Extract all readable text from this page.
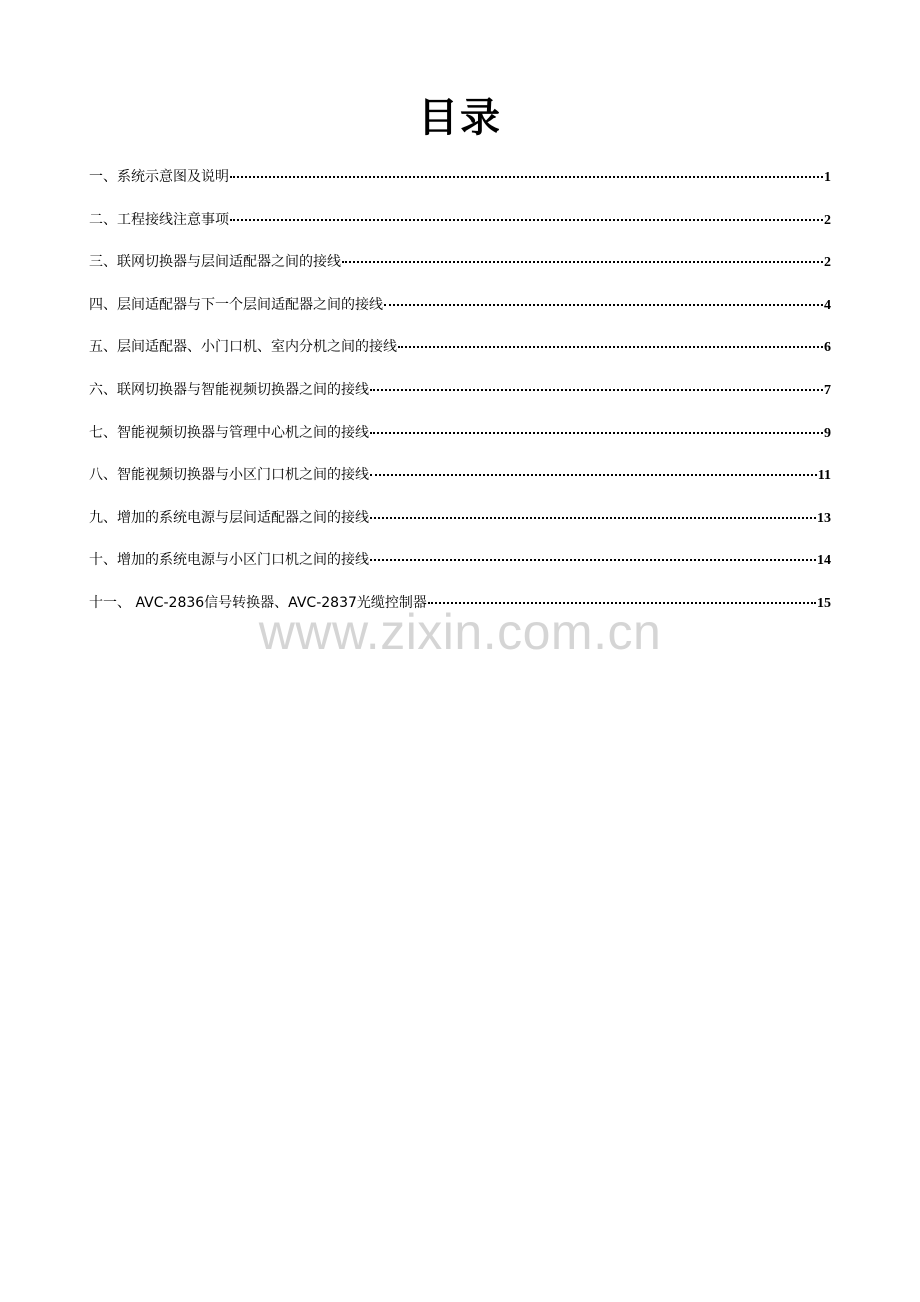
目录
一、系统示意图及说明	1
二、工程接线注意事项	2
三、联网切换器与层间适配器之间的接线	2
四、层间适配器与下一个层间适配器之间的接线	4
五、层间适配器、小门口机、室内分机之间的接线	6
六、联网切换器与智能视频切换器之间的接线	7
七、智能视频切换器与管理中心机之间的接线	9
八、智能视频切换器与小区门口机之间的接线	11
九、增加的系统电源与层间适配器之间的接线	13
十、增加的系统电源与小区门口机之间的接线	14
十一、 AVC-2836信号转换器、AVC-2837光缆控制器	15
www.zixin.com.cn
